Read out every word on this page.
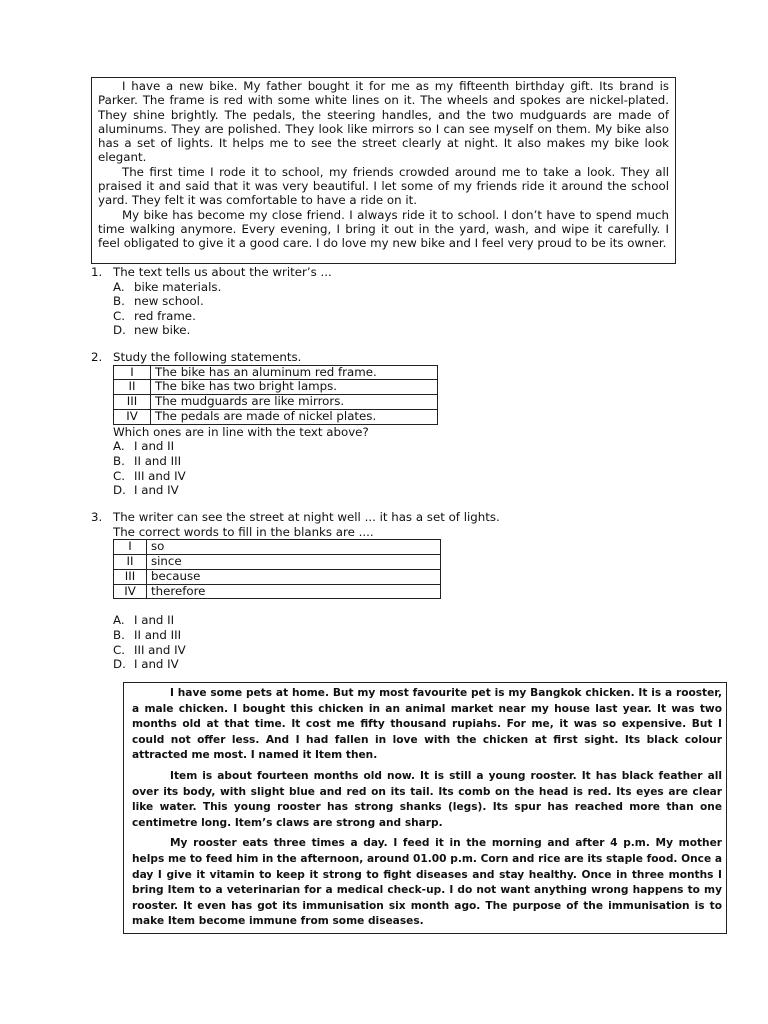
I have a new bike. My father bought it for me as my fifteenth birthday gift. Its brand is Parker. The frame is red with some white lines on it. The wheels and spokes are nickel-plated. They shine brightly. The pedals, the steering handles, and the two mudguards are made of aluminums. They are polished. They look like mirrors so I can see myself on them. My bike also has a set of lights. It helps me to see the street clearly at night. It also makes my bike look elegant.

The first time I rode it to school, my friends crowded around me to take a look. They all praised it and said that it was very beautiful. I let some of my friends ride it around the school yard. They felt it was comfortable to have a ride on it.

My bike has become my close friend. I always ride it to school. I don’t have to spend much time walking anymore. Every evening, I bring it out in the yard, wash, and wipe it carefully. I feel obligated to give it a good care. I do love my new bike and I feel very proud to be its owner.

1. The text tells us about the writer’s ...
A. bike materials.
B. new school.
C. red frame.
D. new bike.
2. Study the following statements.
I	The bike has an aluminum red frame.
II	The bike has two bright lamps.
III	The mudguards are like mirrors.
IV	The pedals are made of nickel plates.
Which ones are in line with the text above?
A. I and II
B. II and III
C. III and IV
D. I and IV
3. The writer can see the street at night well ... it has a set of lights.
The correct words to fill in the blanks are ....
I	so
II	since
III	because
IV	therefore
A. I and II
B. II and III
C. III and IV
D. I and IV

I have some pets at home. But my most favourite pet is my Bangkok chicken. It is a rooster, a male chicken. I bought this chicken in an animal market near my house last year. It was two months old at that time. It cost me fifty thousand rupiahs. For me, it was so expensive. But I could not offer less. And I had fallen in love with the chicken at first sight. Its black colour attracted me most. I named it Item then.

Item is about fourteen months old now. It is still a young rooster. It has black feather all over its body, with slight blue and red on its tail. Its comb on the head is red. Its eyes are clear like water. This young rooster has strong shanks (legs). Its spur has reached more than one centimetre long. Item’s claws are strong and sharp.

My rooster eats three times a day. I feed it in the morning and after 4 p.m. My mother helps me to feed him in the afternoon, around 01.00 p.m. Corn and rice are its staple food. Once a day I give it vitamin to keep it strong to fight diseases and stay healthy. Once in three months I bring Item to a veterinarian for a medical check-up. I do not want anything wrong happens to my rooster. It even has got its immunisation six month ago. The purpose of the immunisation is to make Item become immune from some diseases.
